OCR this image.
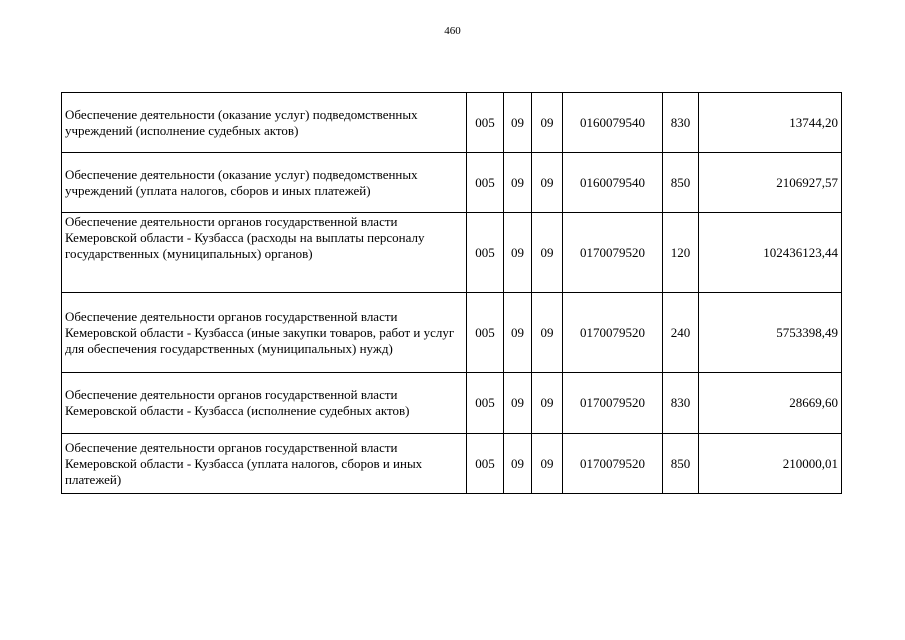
460
Обеспечение деятельности (оказание услуг) подведомственных учреждений (исполнение судебных актов)	005	09	09	0160079540	830	13744,20
Обеспечение деятельности (оказание услуг) подведомственных учреждений (уплата налогов, сборов и иных платежей)	005	09	09	0160079540	850	2106927,57
Обеспечение деятельности органов государственной власти Кемеровской области - Кузбасса (расходы на выплаты персоналу государственных (муниципальных) органов)	005	09	09	0170079520	120	102436123,44
Обеспечение деятельности органов государственной власти Кемеровской области - Кузбасса (иные закупки товаров, работ и услуг для обеспечения государственных (муниципальных) нужд)	005	09	09	0170079520	240	5753398,49
Обеспечение деятельности органов государственной власти Кемеровской области - Кузбасса (исполнение судебных актов)	005	09	09	0170079520	830	28669,60
Обеспечение деятельности органов государственной власти Кемеровской области - Кузбасса (уплата налогов, сборов и иных платежей)	005	09	09	0170079520	850	210000,01
